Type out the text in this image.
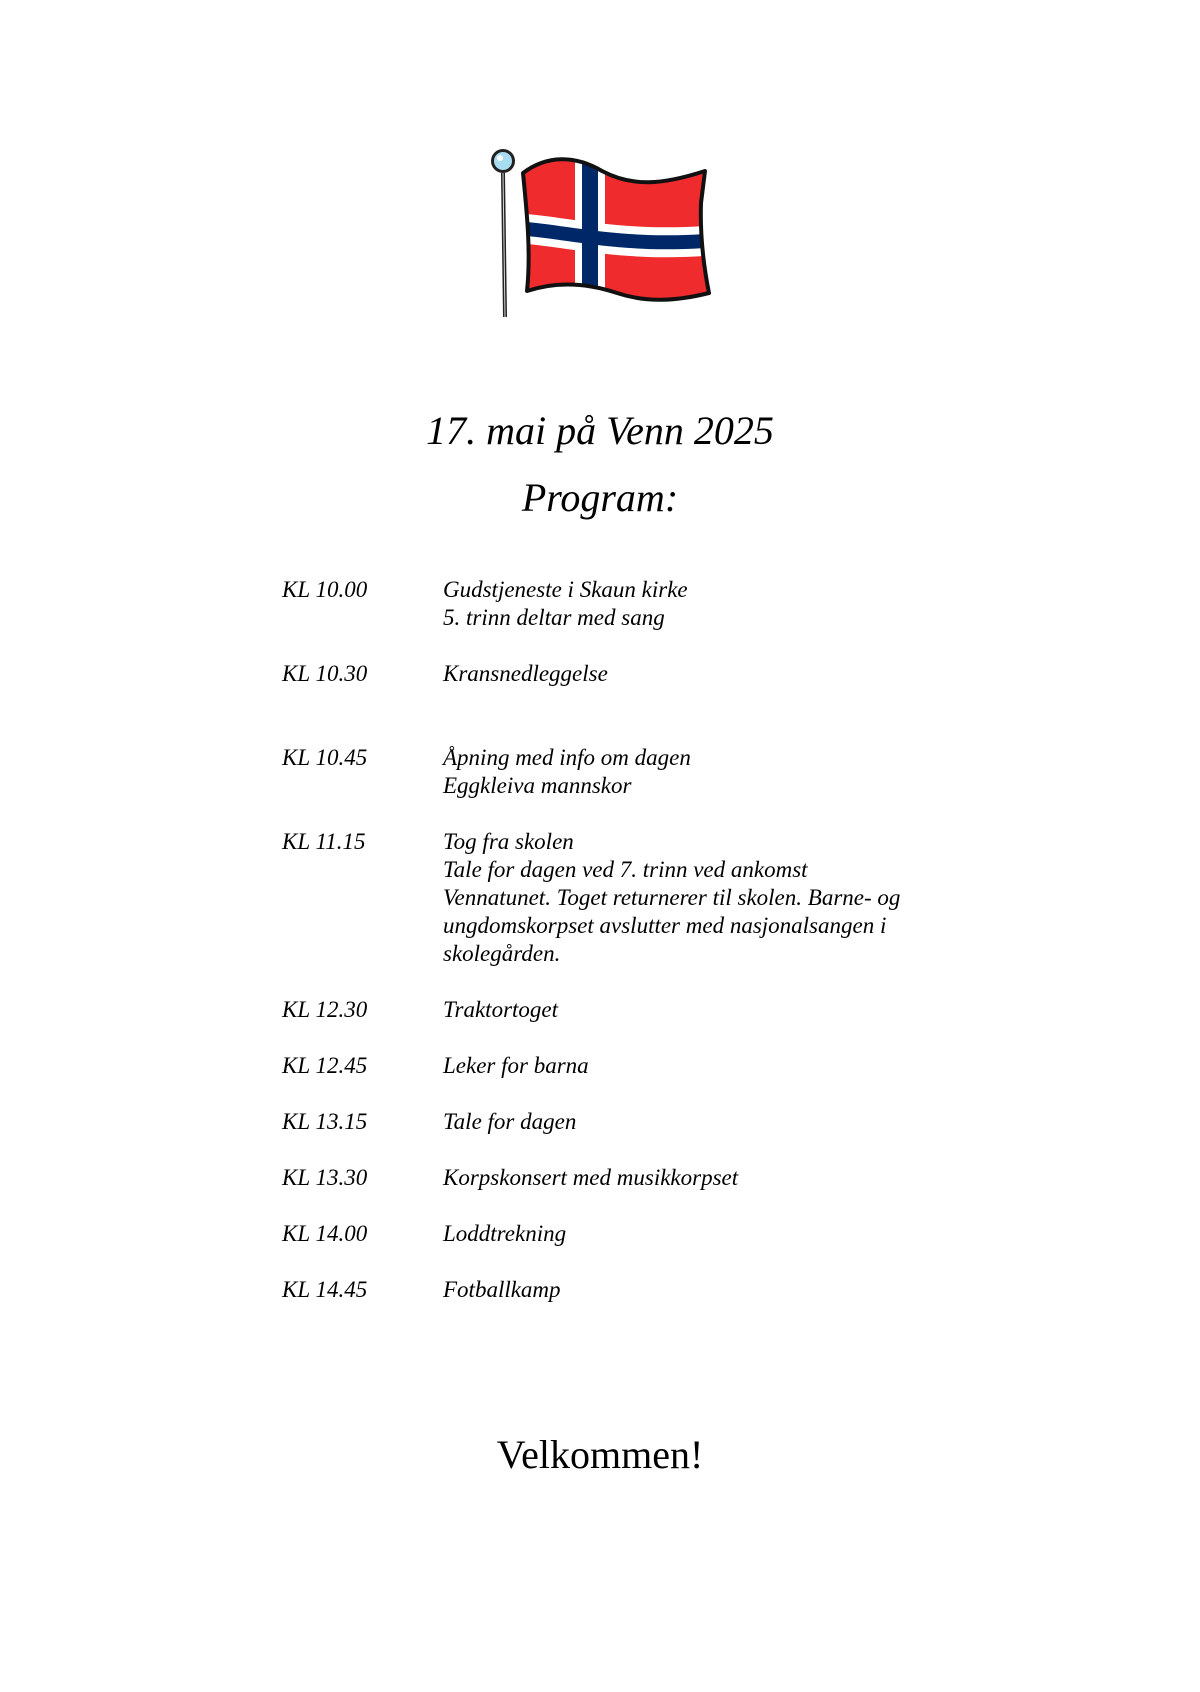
17. mai på Venn 2025
Program:
KL 10.00	Gudstjeneste i Skaun kirke
5. trinn deltar med sang
KL 10.30	Kransnedleggelse
KL 10.45	Åpning med info om dagen
Eggkleiva mannskor
KL 11.15	Tog fra skolen
Tale for dagen ved 7. trinn ved ankomst
Vennatunet. Toget returnerer til skolen. Barne- og
ungdomskorpset avslutter med nasjonalsangen i
skolegården.
KL 12.30	Traktortoget
KL 12.45	Leker for barna
KL 13.15	Tale for dagen
KL 13.30	Korpskonsert med musikkorpset
KL 14.00	Loddtrekning
KL 14.45	Fotballkamp

Velkommen!
